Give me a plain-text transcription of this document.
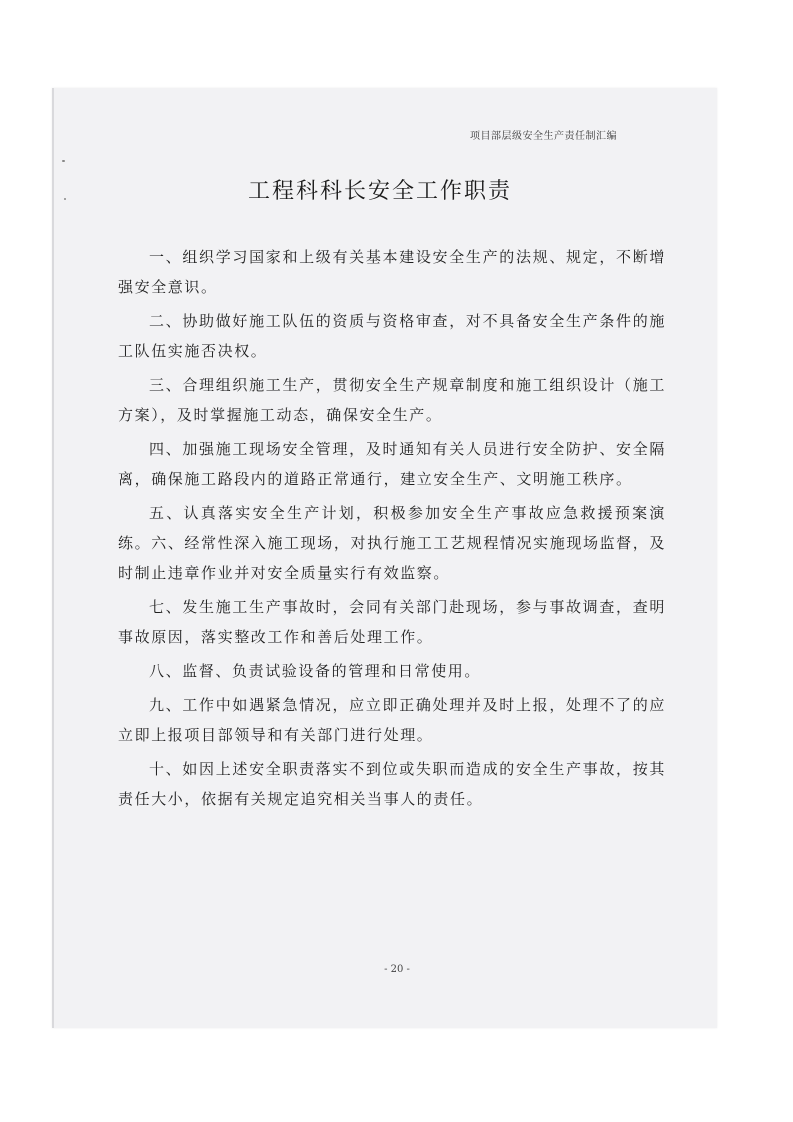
项目部层级安全生产责任制汇编
工程科科长安全工作职责

一、组织学习国家和上级有关基本建设安全生产的法规、规定，不断增强安全意识。

二、协助做好施工队伍的资质与资格审查，对不具备安全生产条件的施工队伍实施否决权。

三、合理组织施工生产，贯彻安全生产规章制度和施工组织设计（施工方案），及时掌握施工动态，确保安全生产。

四、加强施工现场安全管理，及时通知有关人员进行安全防护、安全隔离，确保施工路段内的道路正常通行，建立安全生产、文明施工秩序。

五、认真落实安全生产计划，积极参加安全生产事故应急救援预案演练。六、经常性深入施工现场，对执行施工工艺规程情况实施现场监督，及时制止违章作业并对安全质量实行有效监察。

七、发生施工生产事故时，会同有关部门赴现场，参与事故调查，查明事故原因，落实整改工作和善后处理工作。

八、监督、负责试验设备的管理和日常使用。

九、工作中如遇紧急情况，应立即正确处理并及时上报，处理不了的应立即上报项目部领导和有关部门进行处理。

十、如因上述安全职责落实不到位或失职而造成的安全生产事故，按其责任大小，依据有关规定追究相关当事人的责任。

- 20 -
